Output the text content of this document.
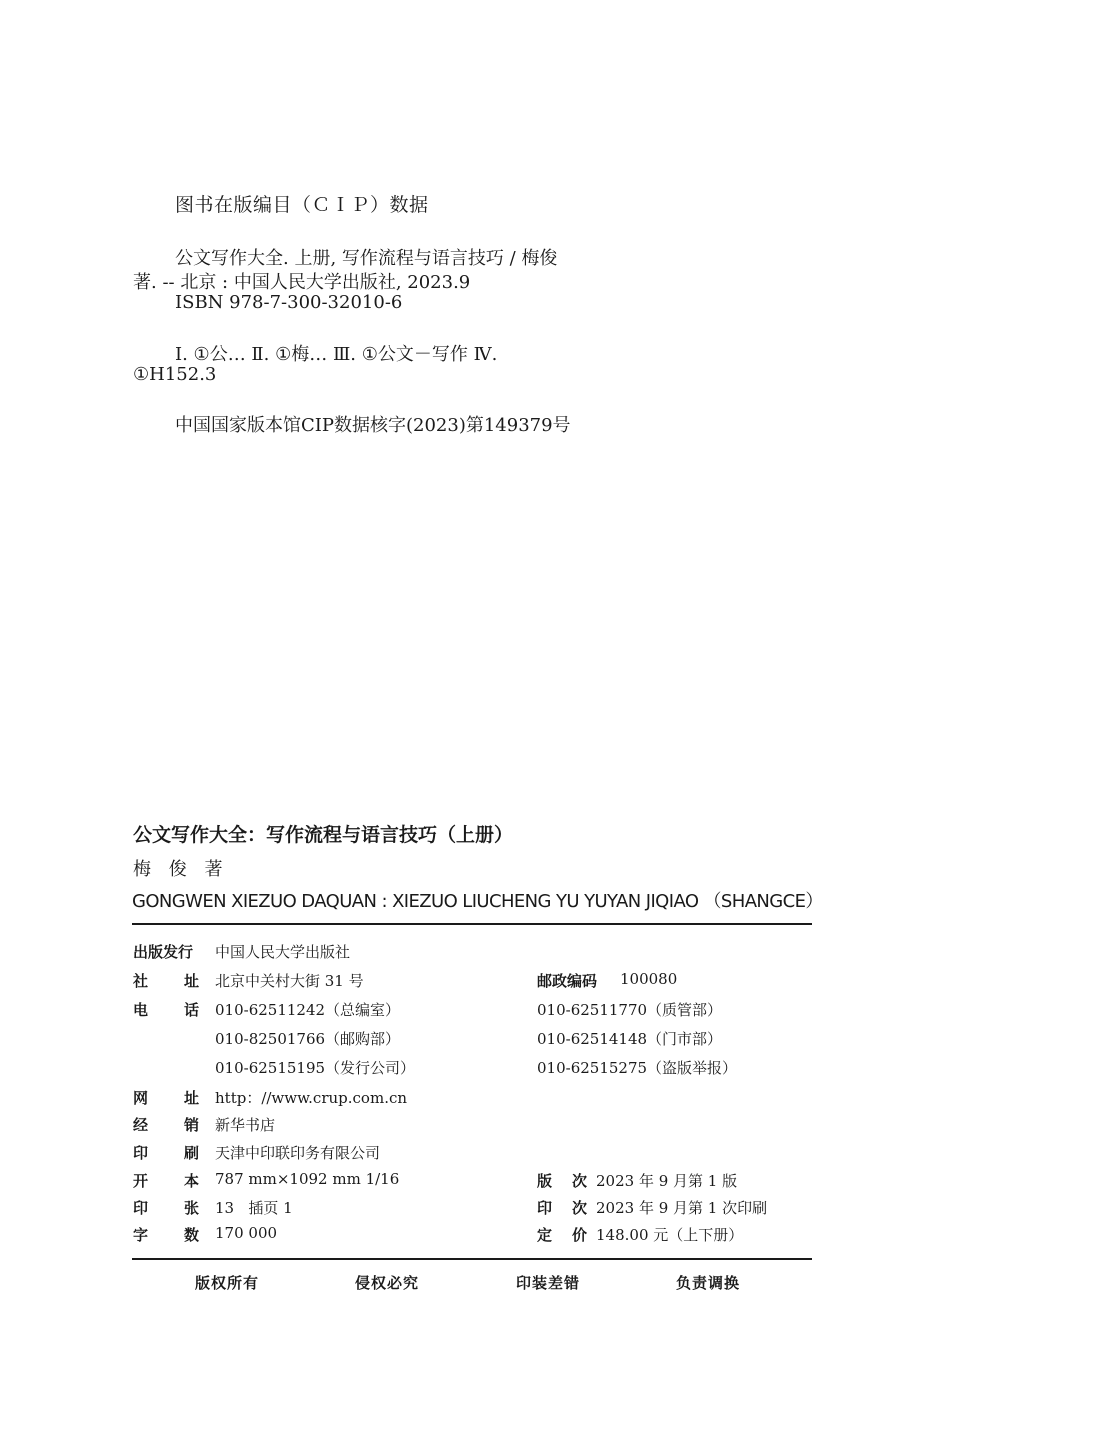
图书在版编目（ＣＩＰ）数据
公文写作大全. 上册, 写作流程与语言技巧 / 梅俊
著. -- 北京 : 中国人民大学出版社, 2023.9
ISBN 978-7-300-32010-6
Ⅰ. ①公… Ⅱ. ①梅… Ⅲ. ①公文－写作 Ⅳ.
①H152.3
中国国家版本馆CIP数据核字(2023)第149379号
公文写作大全：写作流程与语言技巧（上册）
梅 俊 著
GONGWEN XIEZUO DAQUAN : XIEZUO LIUCHENG YU YUYAN JIQIAO （SHANGCE）
出版发行 中国人民大学出版社
社 址 北京中关村大街 31 号	邮政编码 100080
电 话 010-62511242（总编室）	010-62511770（质管部）
010-82501766（邮购部）	010-62514148（门市部）
010-62515195（发行公司）	010-62515275（盗版举报）
网 址 http：//www.crup.com.cn
经 销 新华书店
印 刷 天津中印联印务有限公司
开 本 787 mm×1092 mm 1/16	版 次 2023 年 9 月第 1 版
印 张 13   插页 1	印 次 2023 年 9 月第 1 次印刷
字 数 170 000	定 价 148.00 元（上下册）
版权所有	侵权必究	印装差错	负责调换
